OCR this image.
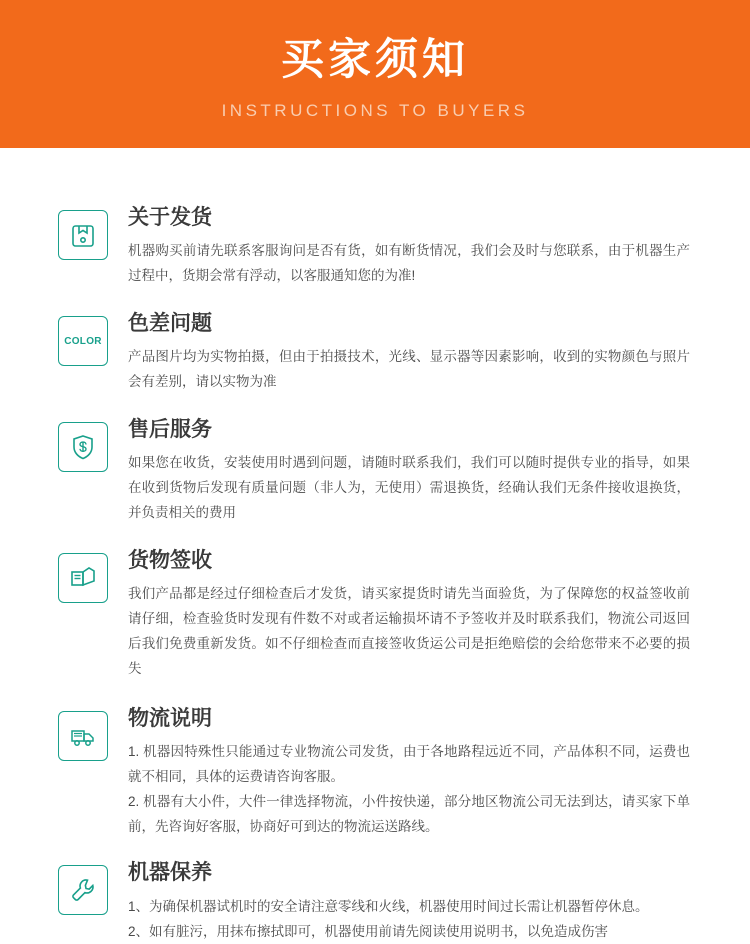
买家须知
INSTRUCTIONS TO BUYERS
关于发货

机器购买前请先联系客服询问是否有货，如有断货情况，我们会及时与您联系，由于机器生产过程中，货期会常有浮动，以客服通知您的为准!

COLOR
色差问题

产品图片均为实物拍摄，但由于拍摄技术，光线、显示器等因素影响，收到的实物颜色与照片会有差别，请以实物为准

售后服务

如果您在收货，安装使用时遇到问题，请随时联系我们，我们可以随时提供专业的指导，如果在收到货物后发现有质量问题（非人为，无使用）需退换货，经确认我们无条件接收退换货，并负责相关的费用

货物签收

我们产品都是经过仔细检查后才发货，请买家提货时请先当面验货，为了保障您的权益签收前请仔细，检查验货时发现有件数不对或者运输损坏请不予签收并及时联系我们，物流公司返回后我们免费重新发货。如不仔细检查而直接签收货运公司是拒绝赔偿的会给您带来不必要的损失

物流说明
1. 机器因特殊性只能通过专业物流公司发货，由于各地路程远近不同，产品体积不同，运费也就不相同，具体的运费请咨询客服。
2. 机器有大小件，大件一律选择物流，小件按快递，部分地区物流公司无法到达，请买家下单前，先咨询好客服，协商好可到达的物流运送路线。
机器保养
1、为确保机器试机时的安全请注意零线和火线，机器使用时间过长需让机器暂停休息。
2、如有脏污，用抹布擦拭即可，机器使用前请先阅读使用说明书，以免造成伤害
